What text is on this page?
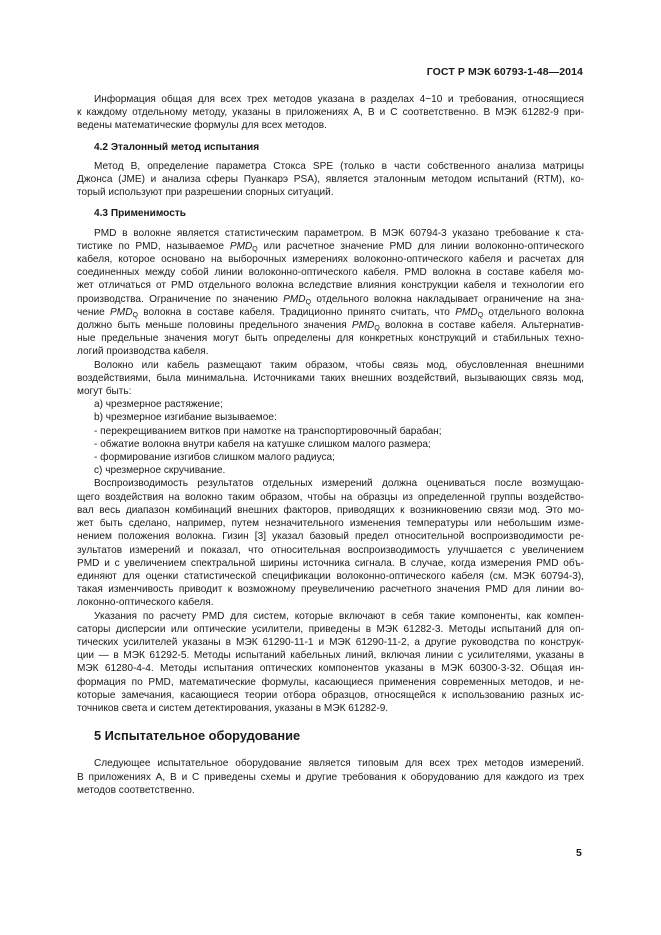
ГОСТ Р МЭК 60793-1-48—2014
Информация общая для всех трех методов указана в разделах 4−10 и требования, относящиеся
к каждому отдельному методу, указаны в приложениях А, В и С соответственно. В МЭК 61282-9 при-
ведены математические формулы для всех методов.
4.2 Эталонный метод испытания
Метод В, определение параметра Стокса SPE (только в части собственного анализа матрицы
Джонса (JME) и анализа сферы Пуанкарэ PSA), является эталонным методом испытаний (RTM), ко-
торый используют при разрешении спорных ситуаций.
4.3 Применимость
PMD в волокне является статистическим параметром. В МЭК 60794-3 указано требование к ста-
тистике по PMD, называемое $PMD_Q$ или расчетное значение PMD для линии волоконно-оптического
кабеля, которое основано на выборочных измерениях волоконно-оптического кабеля и расчетах для
соединенных между собой линии волоконно-оптического кабеля. PMD волокна в составе кабеля мо-
жет отличаться от PMD отдельного волокна вследствие влияния конструкции кабеля и технологии его
производства. Ограничение по значению $PMD_Q$ отдельного волокна накладывает ограничение на зна-
чение $PMD_Q$ волокна в составе кабеля. Традиционно принято считать, что $PMD_Q$ отдельного волокна
должно быть меньше половины предельного значения $PMD_Q$ волокна в составе кабеля. Альтернатив-
ные предельные значения могут быть определены для конкретных конструкций и стабильных техно-
логий производства кабеля.
Волокно или кабель размещают таким образом, чтобы связь мод, обусловленная внешними
воздействиями, была минимальна. Источниками таких внешних воздействий, вызывающих связь мод,
могут быть:
а) чрезмерное растяжение;
b) чрезмерное изгибание вызываемое:
- перекрещиванием витков при намотке на транспортировочный барабан;
- обжатие волокна внутри кабеля на катушке слишком малого размера;
- формирование изгибов слишком малого радиуса;
с) чрезмерное скручивание.
Воспроизводимость результатов отдельных измерений должна оцениваться после возмущаю-
щего воздействия на волокно таким образом, чтобы на образцы из определенной группы воздейство-
вал весь диапазон комбинаций внешних факторов, приводящих к возникновению связи мод. Это мо-
жет быть сделано, например, путем незначительного изменения температуры или небольшим изме-
нением положения волокна. Гизин [3] указал базовый предел относительной воспроизводимости ре-
зультатов измерений и показал, что относительная воспроизводимость улучшается с увеличением
PMD и с увеличением спектральной ширины источника сигнала. В случае, когда измерения PMD объ-
единяют для оценки статистической спецификации волоконно-оптического кабеля (см. МЭК 60794-3),
такая изменчивость приводит к возможному преувеличению расчетного значения PMD для линии во-
локонно-оптического кабеля.
Указания по расчету PMD для систем, которые включают в себя такие компоненты, как компен-
саторы дисперсии или оптические усилители, приведены в МЭК 61282-3. Методы испытаний для оп-
тических усилителей указаны в МЭК 61290-11-1 и МЭК 61290-11-2, а другие руководства по конструк-
ции — в МЭК 61292-5. Методы испытаний кабельных линий, включая линии с усилителями, указаны в
МЭК 61280-4-4. Методы испытания оптических компонентов указаны в МЭК 60300-3-32. Общая ин-
формация по PMD, математические формулы, касающиеся применения современных методов, и не-
которые замечания, касающиеся теории отбора образцов, относящейся к использованию разных ис-
точников света и систем детектирования, указаны в МЭК 61282-9.
5 Испытательное оборудование
Следующее испытательное оборудование является типовым для всех трех методов измерений.
В приложениях А, В и С приведены схемы и другие требования к оборудованию для каждого из трех
методов соответственно.
5
